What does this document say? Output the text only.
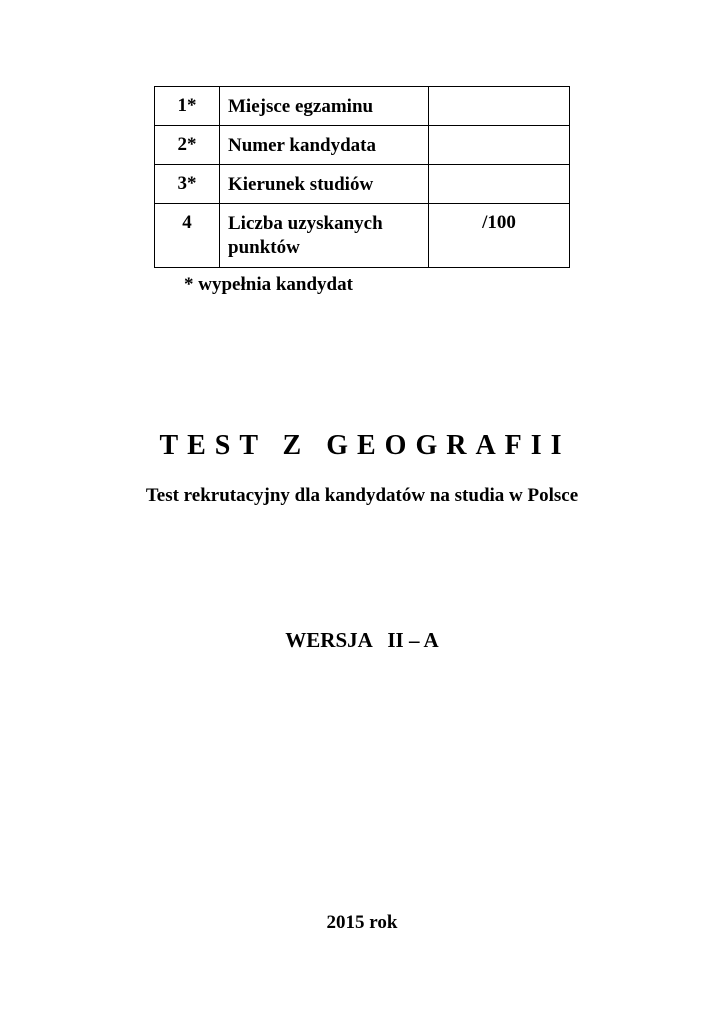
1*	Miejsce egzaminu	
2*	Numer kandydata	
3*	Kierunek studiów	
4	Liczba uzyskanych punktów	/100
* wypełnia kandydat
TEST Z GEOGRAFII
Test rekrutacyjny dla kandydatów na studia w Polsce
WERSJA   II – A
2015 rok
